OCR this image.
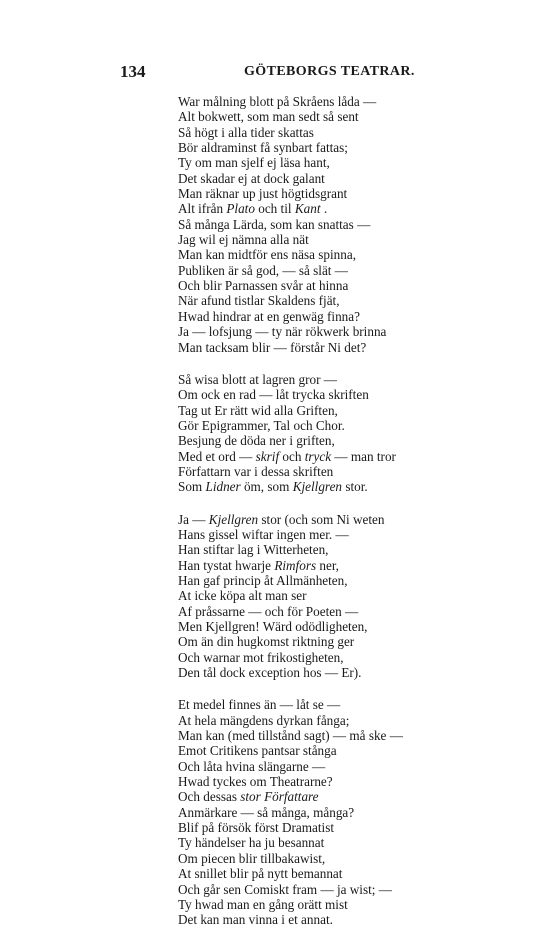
134	GÖTEBORGS TEATRAR.
War målning blott på Skråens låda —
Alt bokwett, som man sedt så sent
Så högt i alla tider skattas
Bör aldraminst få synbart fattas;
Ty om man sjelf ej läsa hant,
Det skadar ej at dock galant
Man räknar up just högtidsgrant
Alt ifrån Plato och til Kant .
Så många Lärda, som kan snattas —
Jag wil ej nämna alla nät
Man kan midtför ens näsa spinna,
Publiken är så god, — så slät —
Och blir Parnassen svår at hinna
När afund tistlar Skaldens fjät,
Hwad hindrar at en genwäg finna?
Ja — lofsjung — ty när rökwerk brinna
Man tacksam blir — förstår Ni det?
Så wisa blott at lagren gror —
Om ock en rad — låt trycka skriften
Tag ut Er rätt wid alla Griften,
Gör Epigrammer, Tal och Chor.
Besjung de döda ner i griften,
Med et ord — skrif och tryck — man tror
Författarn var i dessa skriften
Som Lidner öm, som Kjellgren stor.
Ja — Kjellgren stor (och som Ni weten
Hans gissel wiftar ingen mer. —
Han stiftar lag i Witterheten,
Han tystat hwarje Rimfors ner,
Han gaf princip åt Allmänheten,
At icke köpa alt man ser
Af pråssarne — och för Poeten —
Men Kjellgren! Wärd odödligheten,
Om än din hugkomst riktning ger
Och warnar mot frikostigheten,
Den tål dock exception hos — Er).
Et medel finnes än — låt se —
At hela mängdens dyrkan fånga;
Man kan (med tillstånd sagt) — må ske —
Emot Critikens pantsar stånga
Och låta hvina slängarne —
Hwad tyckes om Theatrarne?
Och dessas stor Författare
Anmärkare — så många, många?
Blif på försök först Dramatist
Ty händelser ha ju besannat
Om piecen blir tillbakawist,
At snillet blir på nytt bemannat
Och går sen Comiskt fram — ja wist; —
Ty hwad man en gång orätt mist
Det kan man vinna i et annat.
